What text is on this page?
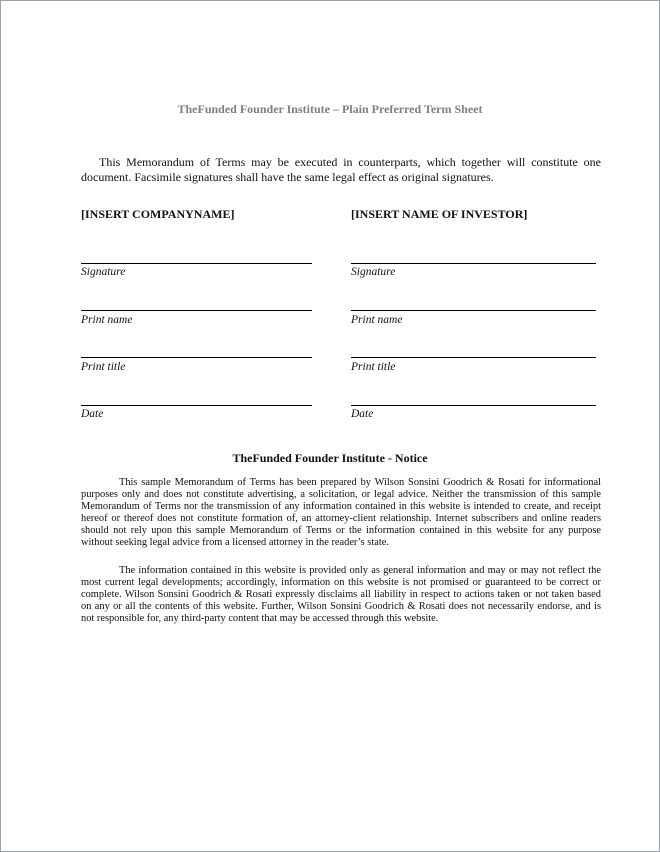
TheFunded Founder Institute – Plain Preferred Term Sheet

This Memorandum of Terms may be executed in counterparts, which together will constitute one document. Facsimile signatures shall have the same legal effect as original signatures.

[INSERT COMPANYNAME]	[INSERT NAME OF INVESTOR]
Signature
Print name
Print title
Date
Signature
Print name
Print title
Date
TheFunded Founder Institute - Notice

This sample Memorandum of Terms has been prepared by Wilson Sonsini Goodrich & Rosati for informational purposes only and does not constitute advertising, a solicitation, or legal advice. Neither the transmission of this sample Memorandum of Terms nor the transmission of any information contained in this website is intended to create, and receipt hereof or thereof does not constitute formation of, an attorney-client relationship. Internet subscribers and online readers should not rely upon this sample Memorandum of Terms or the information contained in this website for any purpose without seeking legal advice from a licensed attorney in the reader’s state.

The information contained in this website is provided only as general information and may or may not reflect the most current legal developments; accordingly, information on this website is not promised or guaranteed to be correct or complete. Wilson Sonsini Goodrich & Rosati expressly disclaims all liability in respect to actions taken or not taken based on any or all the contents of this website. Further, Wilson Sonsini Goodrich & Rosati does not necessarily endorse, and is not responsible for, any third-party content that may be accessed through this website.
